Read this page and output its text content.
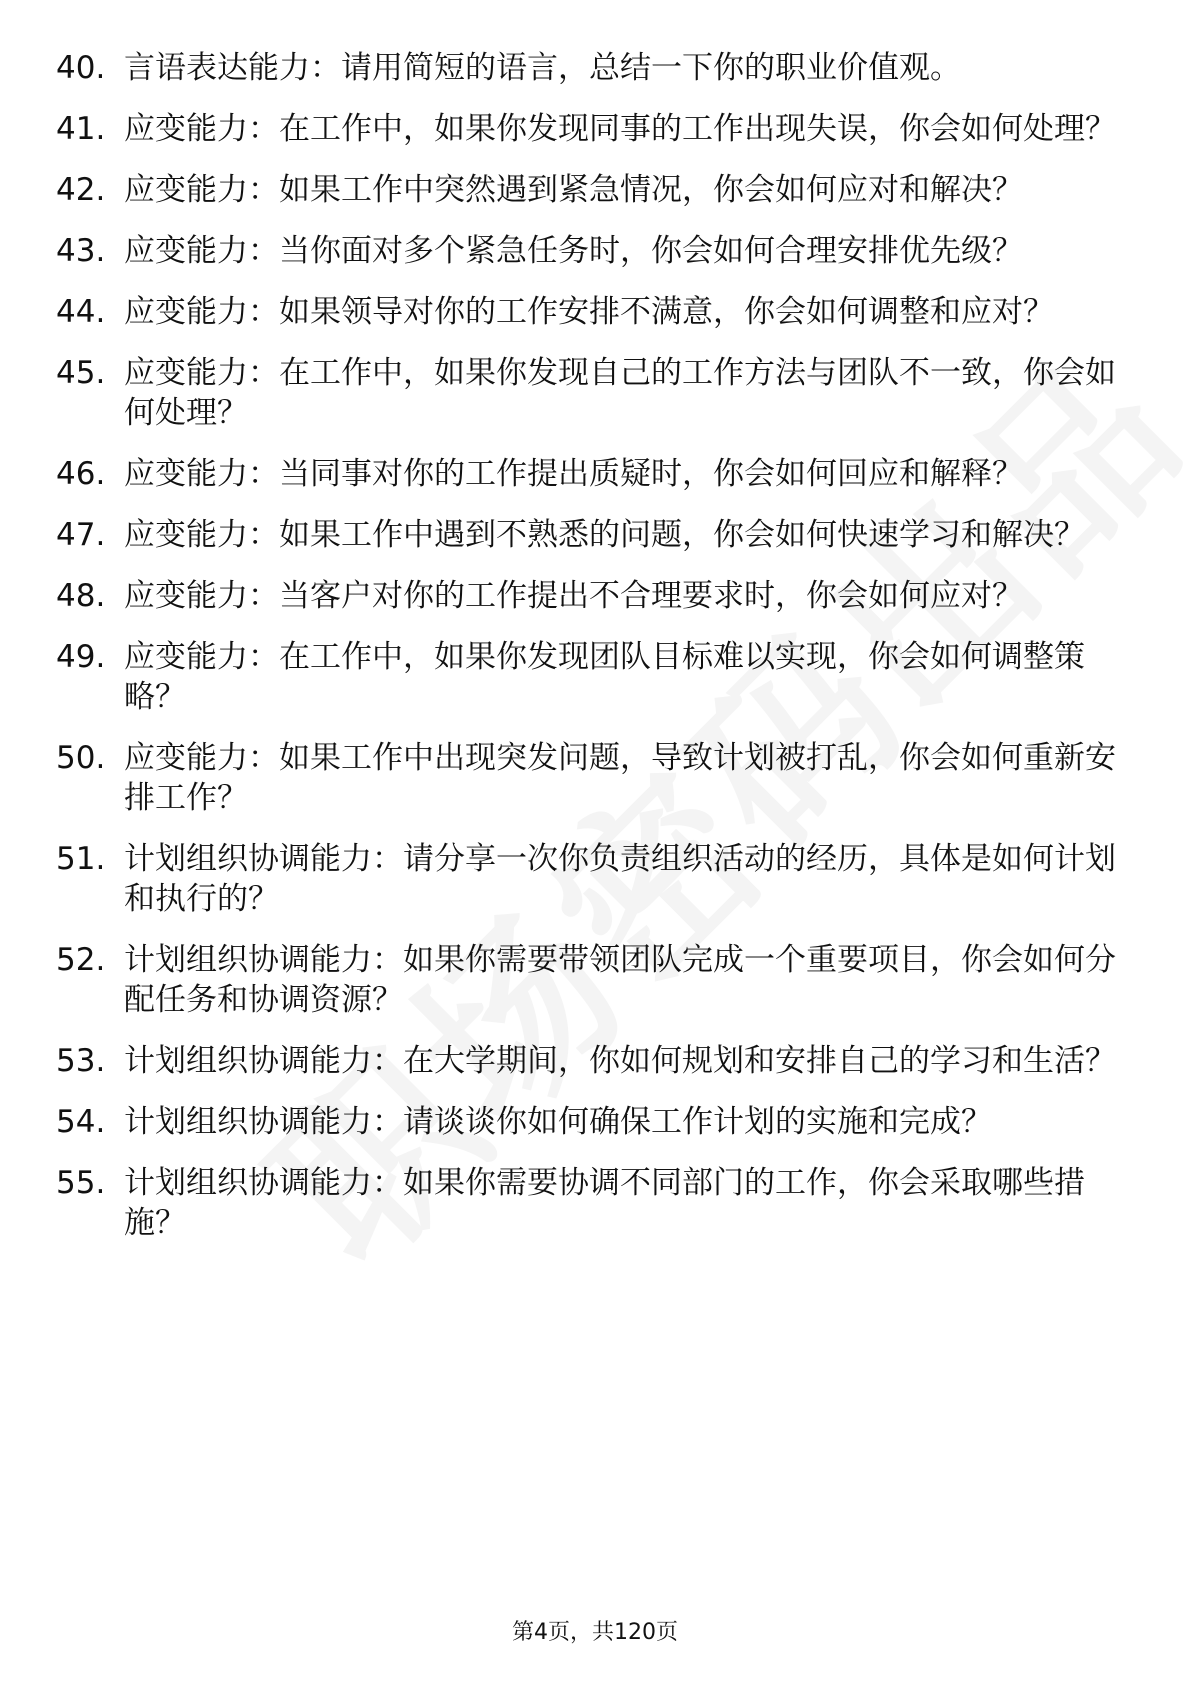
40. 言语表达能力：请用简短的语言，总结一下你的职业价值观。
41. 应变能力：在工作中，如果你发现同事的工作出现失误，你会如何处理？
42. 应变能力：如果工作中突然遇到紧急情况，你会如何应对和解决？
43. 应变能力：当你面对多个紧急任务时，你会如何合理安排优先级？
44. 应变能力：如果领导对你的工作安排不满意，你会如何调整和应对？
45. 应变能力：在工作中，如果你发现自己的工作方法与团队不一致，你会如何处理？
46. 应变能力：当同事对你的工作提出质疑时，你会如何回应和解释？
47. 应变能力：如果工作中遇到不熟悉的问题，你会如何快速学习和解决？
48. 应变能力：当客户对你的工作提出不合理要求时，你会如何应对？
49. 应变能力：在工作中，如果你发现团队目标难以实现，你会如何调整策略？
50. 应变能力：如果工作中出现突发问题，导致计划被打乱，你会如何重新安排工作？
51. 计划组织协调能力：请分享一次你负责组织活动的经历，具体是如何计划和执行的？
52. 计划组织协调能力：如果你需要带领团队完成一个重要项目，你会如何分配任务和协调资源？
53. 计划组织协调能力：在大学期间，你如何规划和安排自己的学习和生活？
54. 计划组织协调能力：请谈谈你如何确保工作计划的实施和完成？
55. 计划组织协调能力：如果你需要协调不同部门的工作，你会采取哪些措施？
第4页，共120页
